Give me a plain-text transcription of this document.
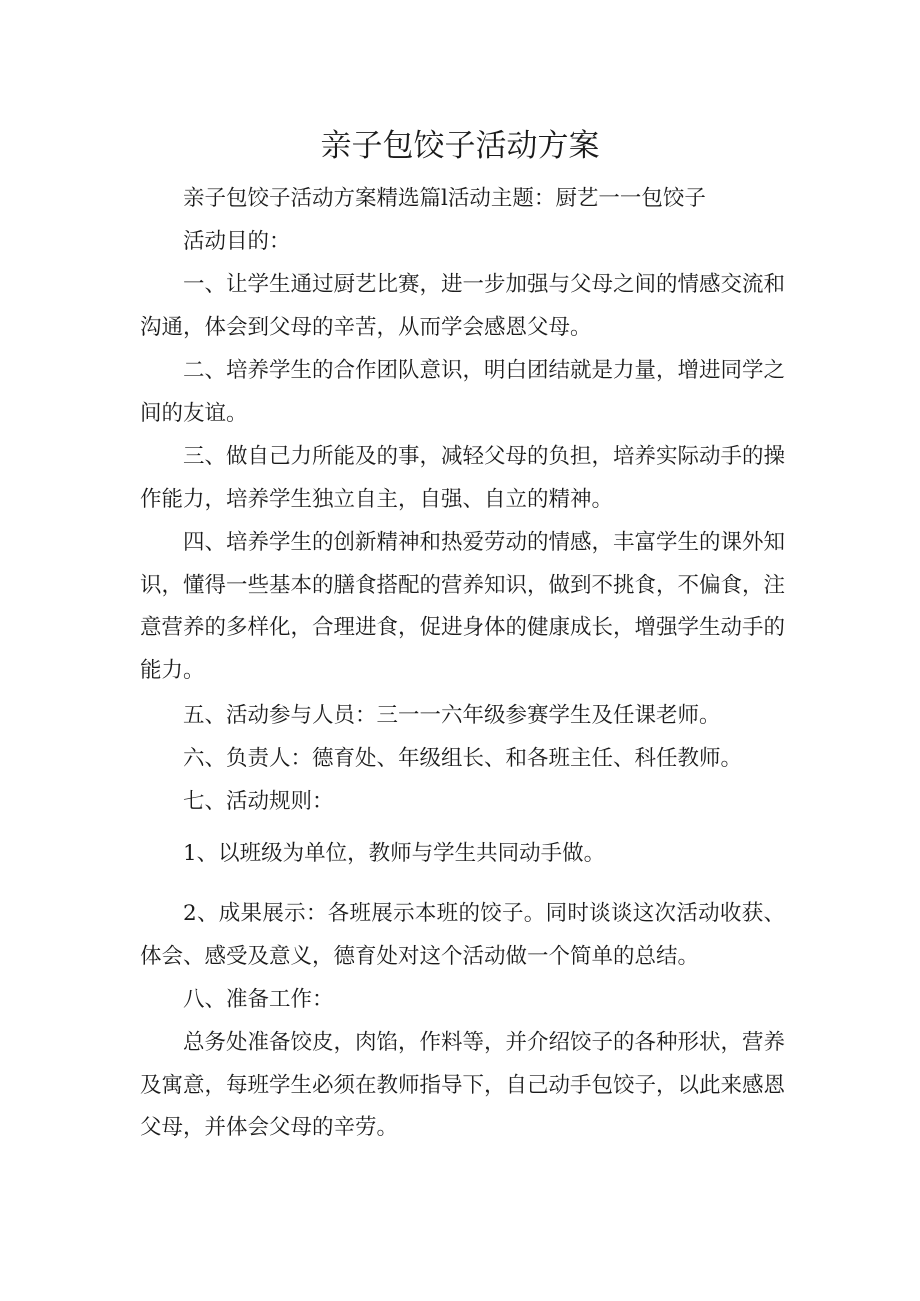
亲子包饺子活动方案

亲子包饺子活动方案精选篇l活动主题：厨艺一一包饺子

活动目的：

一、让学生通过厨艺比赛，进一步加强与父母之间的情感交流和沟通，体会到父母的辛苦，从而学会感恩父母。

二、培养学生的合作团队意识，明白团结就是力量，增进同学之间的友谊。

三、做自己力所能及的事，减轻父母的负担，培养实际动手的操作能力，培养学生独立自主，自强、自立的精神。

四、培养学生的创新精神和热爱劳动的情感，丰富学生的课外知识，懂得一些基本的膳食搭配的营养知识，做到不挑食，不偏食，注意营养的多样化，合理进食，促进身体的健康成长，增强学生动手的能力。

五、活动参与人员：三一一六年级参赛学生及任课老师。

六、负责人：德育处、年级组长、和各班主任、科任教师。

七、活动规则：

1、以班级为单位，教师与学生共同动手做。

2、成果展示：各班展示本班的饺子。同时谈谈这次活动收获、体会、感受及意义，德育处对这个活动做一个简单的总结。

八、准备工作：

总务处准备饺皮，肉馅，作料等，并介绍饺子的各种形状，营养及寓意，每班学生必须在教师指导下，自己动手包饺子，以此来感恩父母，并体会父母的辛劳。
